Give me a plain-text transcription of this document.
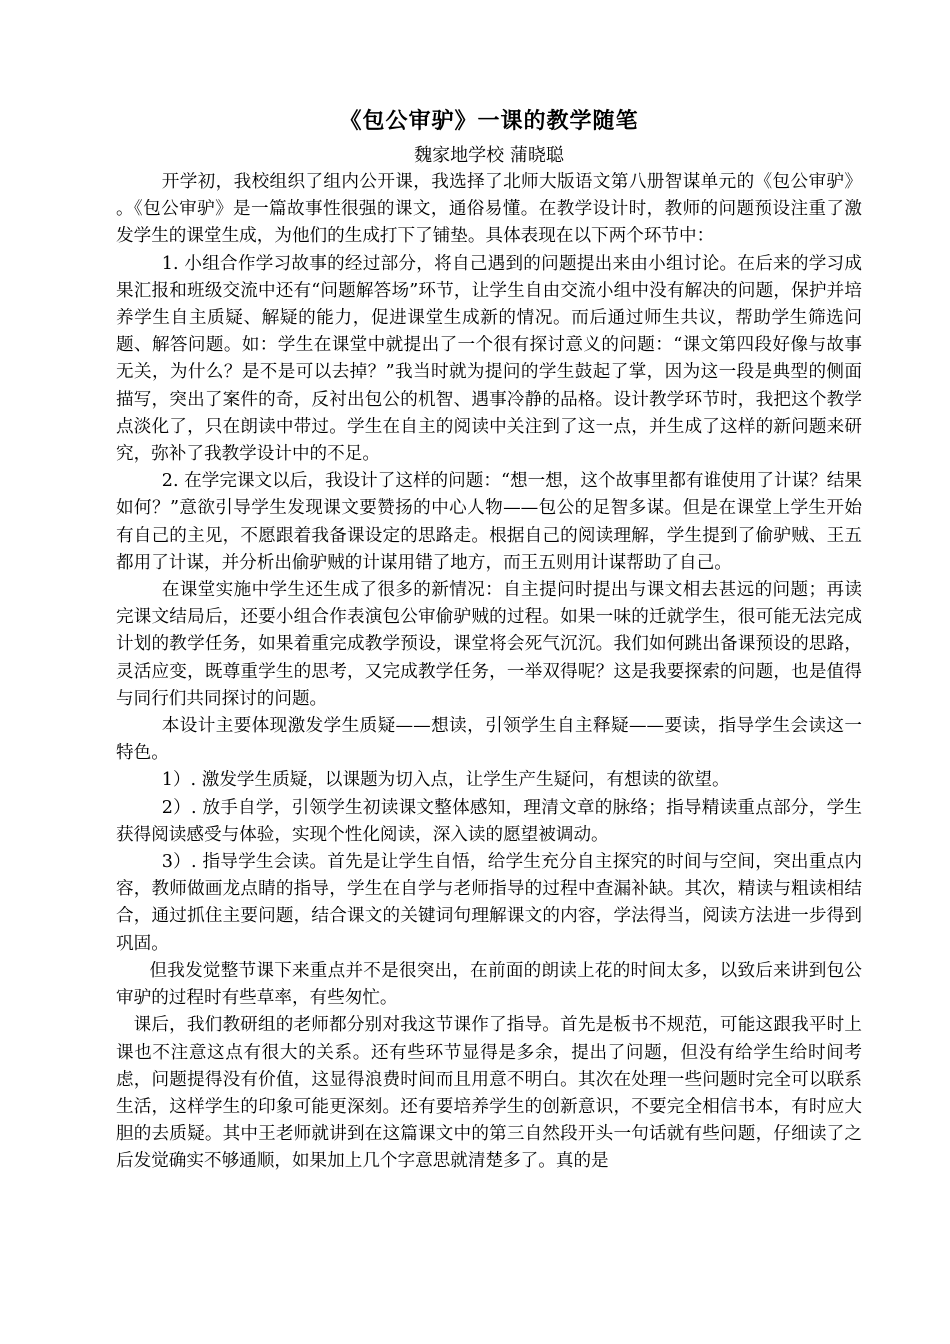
《包公审驴》一课的教学随笔

魏家地学校 蒲晓聪

开学初，我校组织了组内公开课，我选择了北师大版语文第八册智谋单元的《包公审驴》 。《包公审驴》是一篇故事性很强的课文，通俗易懂。在教学设计时，教师的问题预设注重了激发学生的课堂生成，为他们的生成打下了铺垫。具体表现在以下两个环节中：

1. 小组合作学习故事的经过部分，将自己遇到的问题提出来由小组讨论。在后来的学习成果汇报和班级交流中还有“问题解答场”环节，让学生自由交流小组中没有解决的问题，保护并培养学生自主质疑、解疑的能力，促进课堂生成新的情况。而后通过师生共议，帮助学生筛选问题、解答问题。如：学生在课堂中就提出了一个很有探讨意义的问题：“课文第四段好像与故事无关，为什么？是不是可以去掉？”我当时就为提问的学生鼓起了掌，因为这一段是典型的侧面描写，突出了案件的奇，反衬出包公的机智、遇事冷静的品格。设计教学环节时，我把这个教学点淡化了，只在朗读中带过。学生在自主的阅读中关注到了这一点，并生成了这样的新问题来研究，弥补了我教学设计中的不足。

2. 在学完课文以后，我设计了这样的问题：“想一想，这个故事里都有谁使用了计谋？结果如何？”意欲引导学生发现课文要赞扬的中心人物——包公的足智多谋。但是在课堂上学生开始有自己的主见，不愿跟着我备课设定的思路走。根据自己的阅读理解，学生提到了偷驴贼、王五都用了计谋，并分析出偷驴贼的计谋用错了地方，而王五则用计谋帮助了自己。

在课堂实施中学生还生成了很多的新情况：自主提问时提出与课文相去甚远的问题；再读完课文结局后，还要小组合作表演包公审偷驴贼的过程。如果一味的迁就学生，很可能无法完成计划的教学任务，如果着重完成教学预设，课堂将会死气沉沉。我们如何跳出备课预设的思路，灵活应变，既尊重学生的思考，又完成教学任务，一举双得呢？这是我要探索的问题，也是值得与同行们共同探讨的问题。

本设计主要体现激发学生质疑——想读，引领学生自主释疑——要读，指导学生会读这一特色。

1）. 激发学生质疑，以课题为切入点，让学生产生疑问，有想读的欲望。

2）. 放手自学，引领学生初读课文整体感知，理清文章的脉络；指导精读重点部分，学生获得阅读感受与体验，实现个性化阅读，深入读的愿望被调动。

3）. 指导学生会读。首先是让学生自悟，给学生充分自主探究的时间与空间，突出重点内容，教师做画龙点睛的指导，学生在自学与老师指导的过程中查漏补缺。其次，精读与粗读相结合，通过抓住主要问题，结合课文的关键词句理解课文的内容，学法得当，阅读方法进一步得到巩固。

但我发觉整节课下来重点并不是很突出，在前面的朗读上花的时间太多，以致后来讲到包公审驴的过程时有些草率，有些匆忙。

课后，我们教研组的老师都分别对我这节课作了指导。首先是板书不规范，可能这跟我平时上课也不注意这点有很大的关系。还有些环节显得是多余，提出了问题，但没有给学生给时间考虑，问题提得没有价值，这显得浪费时间而且用意不明白。其次在处理一些问题时完全可以联系生活，这样学生的印象可能更深刻。还有要培养学生的创新意识，不要完全相信书本，有时应大胆的去质疑。其中王老师就讲到在这篇课文中的第三自然段开头一句话就有些问题，仔细读了之后发觉确实不够通顺，如果加上几个字意思就清楚多了。真的是
